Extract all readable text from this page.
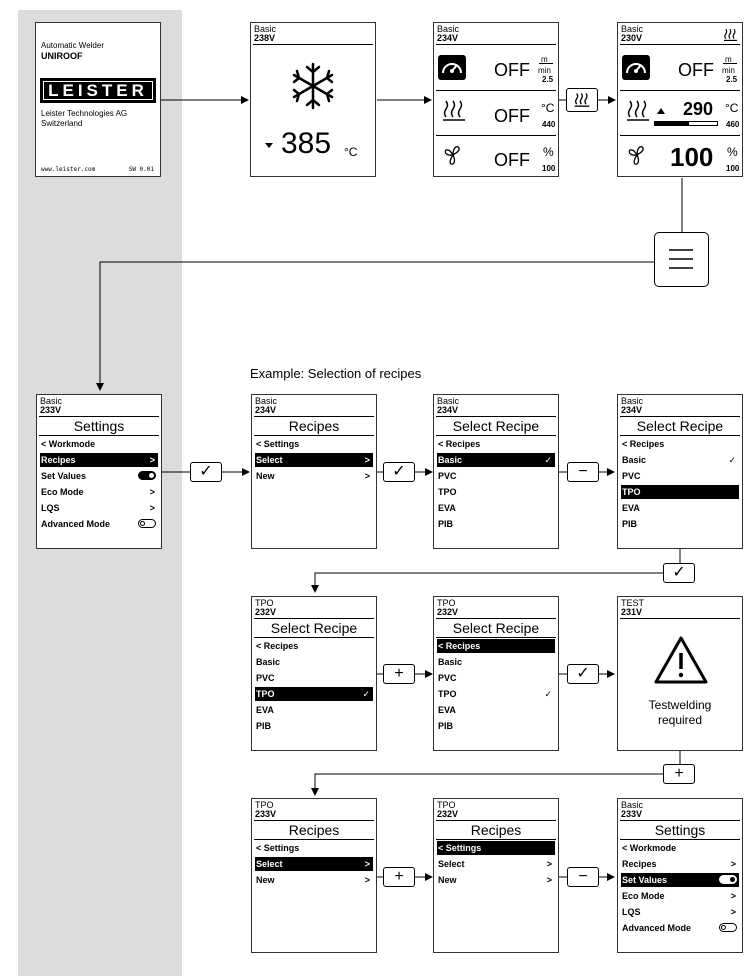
Automatic Welder
UNIROOF
LEISTER
Leister Technologies AG
Switzerland
www.leister.com	SW 0.01
Basic
238V
385 °C
Basic
234V
OFF
m
min
2.5
OFF °C
440
OFF %
100
Basic
230V
OFF
m
min
2.5
290 °C
460
100 %
100
Example: Selection of recipes
Basic
233V
Settings
< Workmode
Recipes	>
Set Values
Eco Mode	>
LQS	>
Advanced Mode
✓
Basic
234V
Recipes
< Settings
Select	>
New	>	✓
Basic
234V
Select Recipe
< Recipes
Basic	✓
PVC
TPO
EVA
PIB
−
Basic
234V
Select Recipe
< Recipes
Basic	✓
PVC
TPO
EVA
PIB
✓
TPO
232V
Select Recipe
< Recipes
Basic
PVC
TPO	✓
EVA
PIB
+
TPO
232V
Select Recipe
< Recipes
Basic
PVC
TPO	✓
EVA
PIB
✓
TEST
231V
Testwelding
required
+
TPO
233V
Recipes
< Settings
Select	>
New	>	+
TPO
232V
Recipes
< Settings
Select	>
New	>	−
Basic
233V
Settings
< Workmode
Recipes	>
Set Values
Eco Mode	>
LQS	>
Advanced Mode
